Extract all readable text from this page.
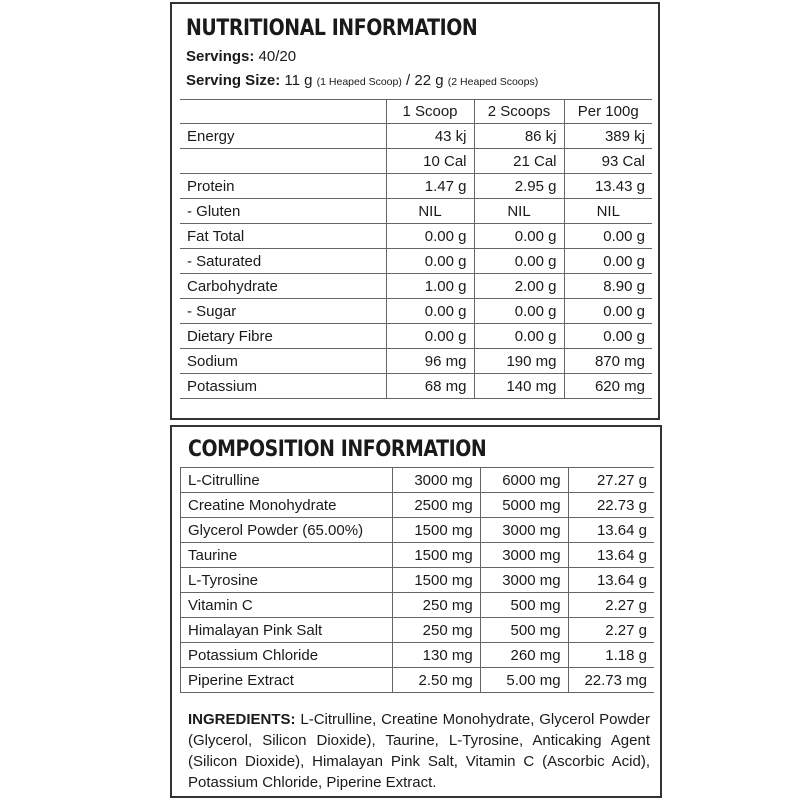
NUTRITIONAL INFORMATION
Servings: 40/20
Serving Size: 11 g (1 Heaped Scoop) / 22 g (2 Heaped Scoops)
	1 Scoop	2 Scoops	Per 100g
Energy	43 kj	86 kj	389 kj
	10 Cal	21 Cal	93 Cal
Protein	1.47 g	2.95 g	13.43 g
- Gluten	NIL	NIL	NIL
Fat Total	0.00 g	0.00 g	0.00 g
- Saturated	0.00 g	0.00 g	0.00 g
Carbohydrate	1.00 g	2.00 g	8.90 g
- Sugar	0.00 g	0.00 g	0.00 g
Dietary Fibre	0.00 g	0.00 g	0.00 g
Sodium	96 mg	190 mg	870 mg
Potassium	68 mg	140 mg	620 mg
COMPOSITION INFORMATION
L-Citrulline	3000 mg	6000 mg	27.27 g
Creatine Monohydrate	2500 mg	5000 mg	22.73 g
Glycerol Powder (65.00%)	1500 mg	3000 mg	13.64 g
Taurine	1500 mg	3000 mg	13.64 g
L-Tyrosine	1500 mg	3000 mg	13.64 g
Vitamin C	250 mg	500 mg	2.27 g
Himalayan Pink Salt	250 mg	500 mg	2.27 g
Potassium Chloride	130 mg	260 mg	1.18 g
Piperine Extract	2.50 mg	5.00 mg	22.73 mg
INGREDIENTS: L-Citrulline, Creatine Monohydrate, Glycerol Powder (Glycerol, Silicon Dioxide), Taurine, L-Tyrosine, Anticaking Agent (Silicon Dioxide), Himalayan Pink Salt, Vitamin C (Ascorbic Acid), Potassium Chloride, Piperine Extract.
